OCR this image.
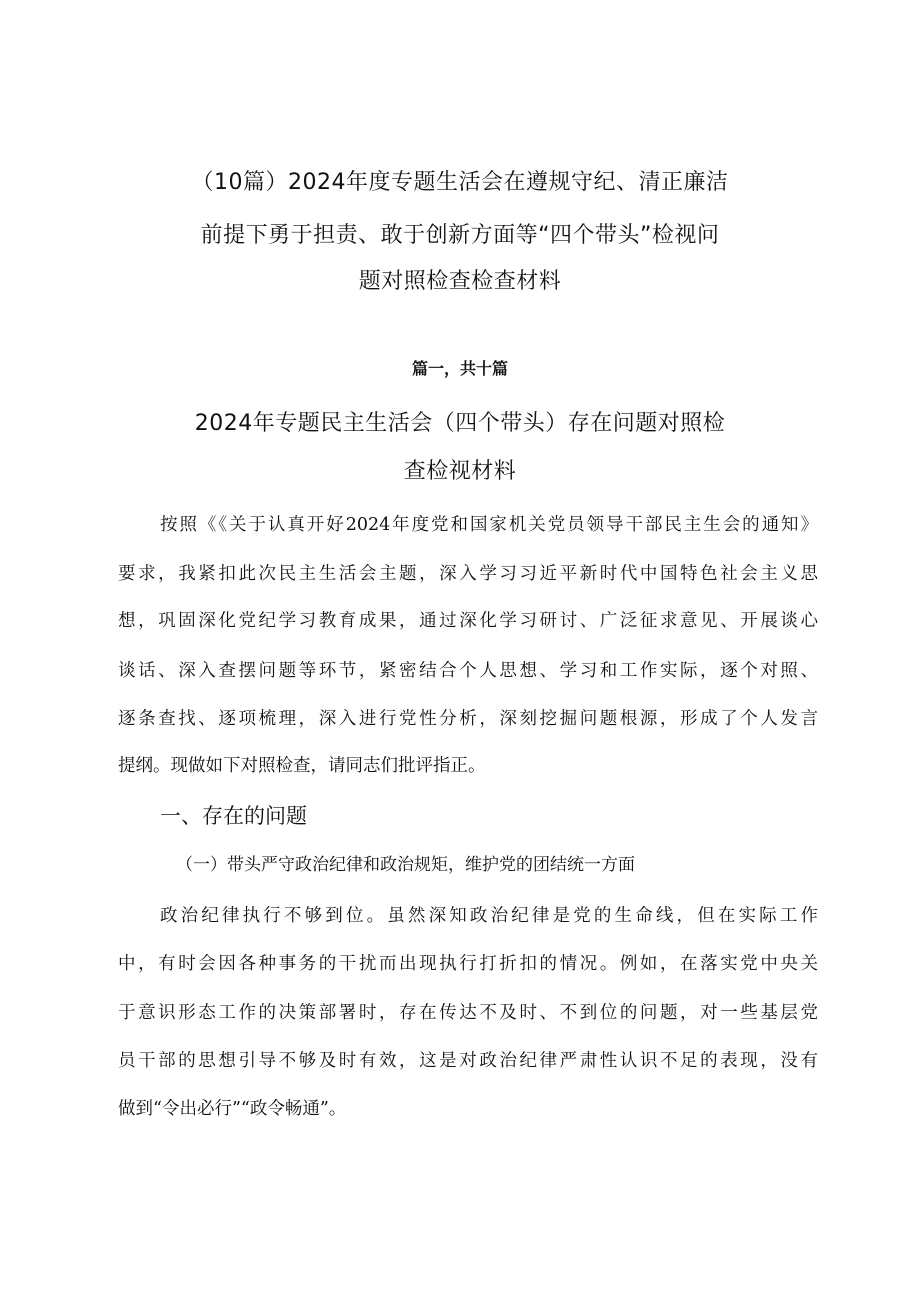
（10篇）2024年度专题生活会在遵规守纪、清正廉洁
前提下勇于担责、敢于创新方面等“四个带头”检视问
题对照检查检查材料
篇一，共十篇
2024年专题民主生活会（四个带头）存在问题对照检
查检视材料
按照《《关于认真开好2024年度党和国家机关党员领导干部民主生会的通知》
要求，我紧扣此次民主生活会主题，深入学习习近平新时代中国特色社会主义思
想，巩固深化党纪学习教育成果，通过深化学习研讨、广泛征求意见、开展谈心
谈话、深入查摆问题等环节，紧密结合个人思想、学习和工作实际，逐个对照、
逐条查找、逐项梳理，深入进行党性分析，深刻挖掘问题根源，形成了个人发言
提纲。现做如下对照检查，请同志们批评指正。
一、存在的问题
（一）带头严守政治纪律和政治规矩，维护党的团结统一方面
政治纪律执行不够到位。虽然深知政治纪律是党的生命线，但在实际工作
中，有时会因各种事务的干扰而出现执行打折扣的情况。例如，在落实党中央关
于意识形态工作的决策部署时，存在传达不及时、不到位的问题，对一些基层党
员干部的思想引导不够及时有效，这是对政治纪律严肃性认识不足的表现，没有
做到“令出必行”“政令畅通”。
